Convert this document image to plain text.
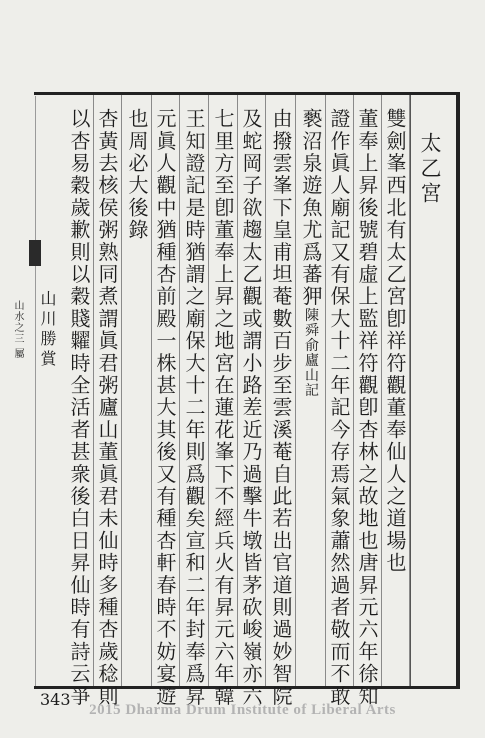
太乙宮
雙劍峯西北有太乙宮卽祥符觀董奉仙人之道場也
董奉上昇後號碧虛上監祥符觀卽杏林之故地也唐昇元六年徐知
證作眞人廟記又有保大十二年記今存焉氣象蕭然過者敬而不敢
褻沼泉遊魚尤爲蕃狎陳舜俞廬山記
由撥雲峯下皇甫坦菴數百步至雲溪菴自此若出官道則過妙智院
及蛇岡子欲趨太乙觀或謂小路差近乃過擊牛墩皆茅砍峻嶺亦六
七里方至卽董奉上昇之地宮在蓮花峯下不經兵火有昇元六年韓
王知證記是時猶謂之廟保大十二年則爲觀矣宣和二年封奉爲昇
元眞人觀中猶種杏前殿一株甚大其後又有種杏軒春時不妨宴遊
也周必大後錄
杏黃去核侯粥熟同煮謂眞君粥廬山董眞君未仙時多種杏歲稔則
以杏易穀歲歉則以穀賤糶時全活者甚衆後白日昇仙時有詩云爭
山川勝賞
山水之三 屬
343
2015 Dharma Drum Institute of Liberal Arts
